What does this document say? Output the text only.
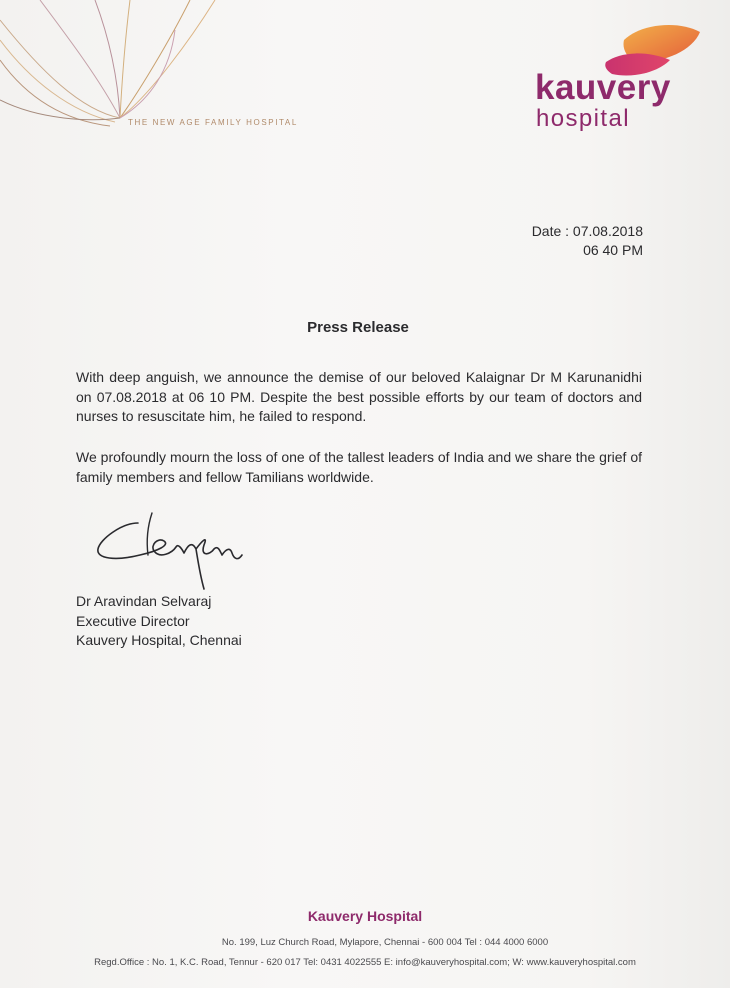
THE NEW AGE FAMILY HOSPITAL
kauvery
hospital
Date : 07.08.2018
06 40 PM
Press Release
With deep anguish, we announce the demise of our beloved Kalaignar Dr M Karunanidhi on 07.08.2018 at 06 10 PM. Despite the best possible efforts by our team of doctors and nurses to resuscitate him, he failed to respond.
We profoundly mourn the loss of one of the tallest leaders of India and we share the grief of family members and fellow Tamilians worldwide.
Dr Aravindan Selvaraj
Executive Director
Kauvery Hospital, Chennai
Kauvery Hospital
No. 199, Luz Church Road, Mylapore, Chennai - 600 004 Tel : 044 4000 6000
Regd.Office : No. 1, K.C. Road, Tennur - 620 017 Tel: 0431 4022555 E: info@kauveryhospital.com; W: www.kauveryhospital.com
